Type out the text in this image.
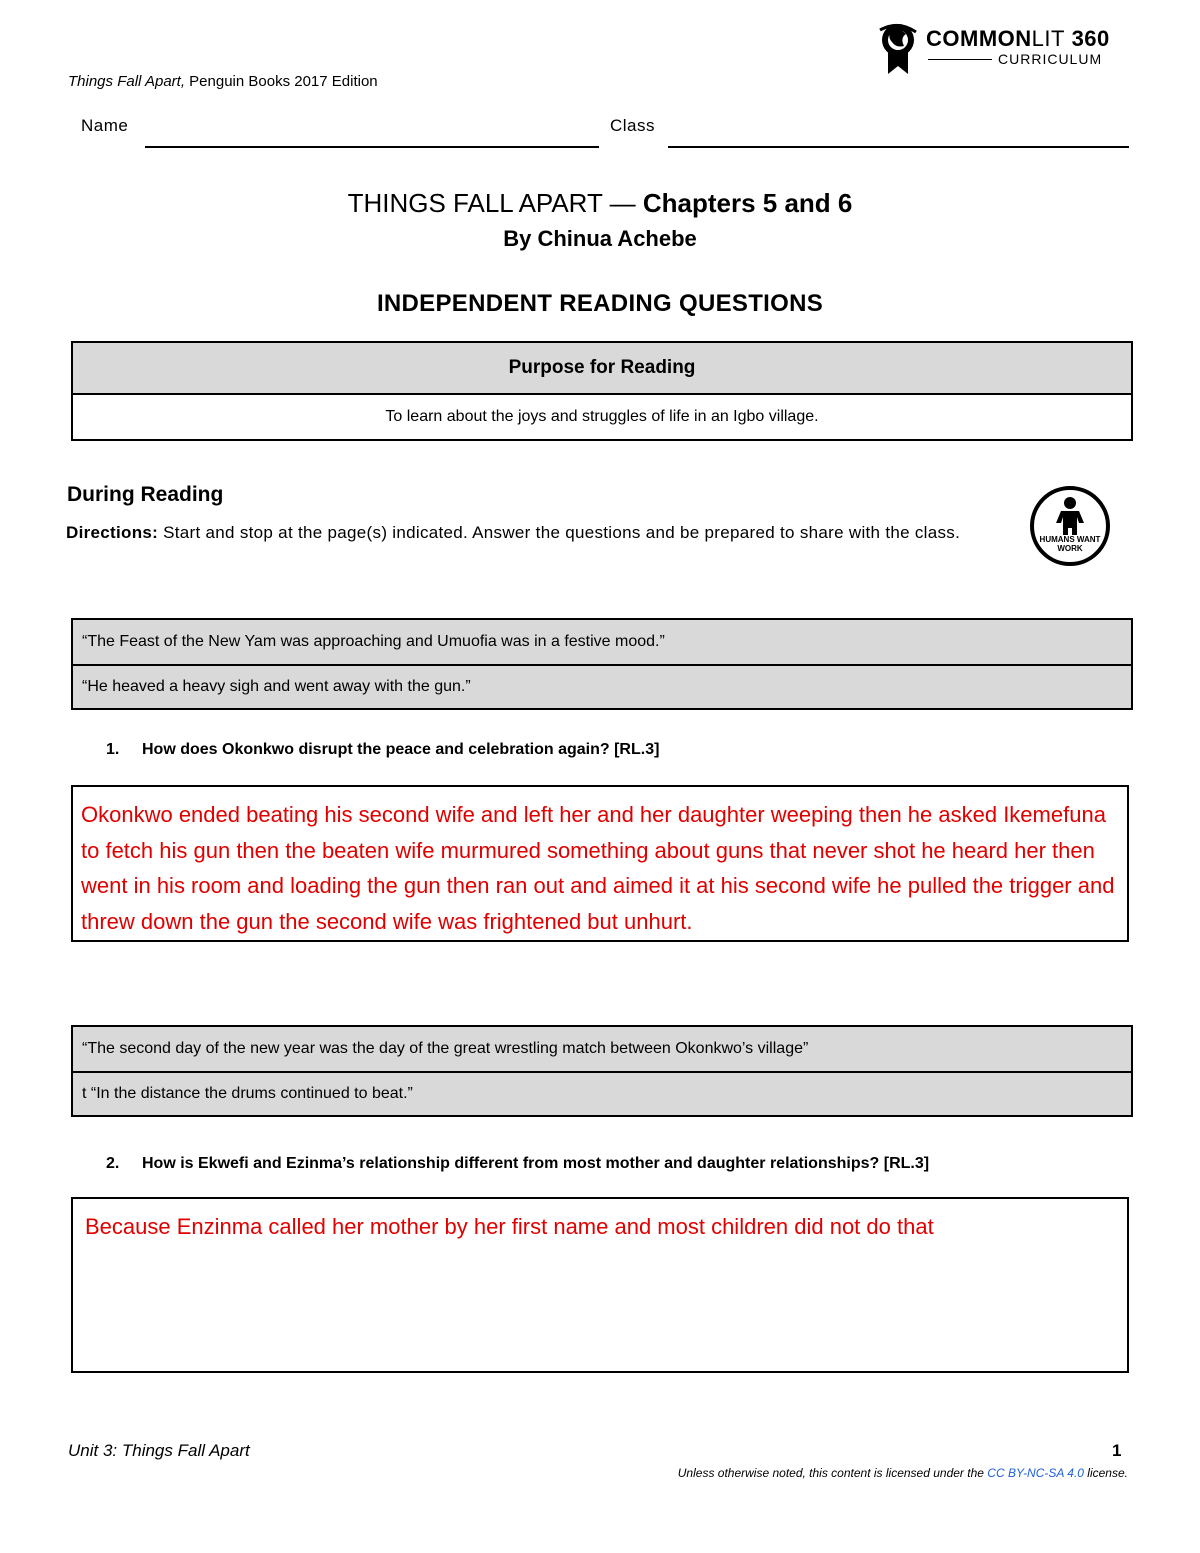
Things Fall Apart, Penguin Books 2017 Edition
COMMONLIT 360
CURRICULUM
Name	Class
THINGS FALL APART — Chapters 5 and 6
By Chinua Achebe
INDEPENDENT READING QUESTIONS
Purpose for Reading
To learn about the joys and struggles of life in an Igbo village.
During Reading
Directions: Start and stop at the page(s) indicated. Answer the questions and be prepared to share with the class.	HUMANS WANT WORK
“The Feast of the New Yam was approaching and Umuofia was in a festive mood.”
“He heaved a heavy sigh and went away with the gun.”
1. How does Okonkwo disrupt the peace and celebration again? [RL.3]
Okonkwo ended beating his second wife and left her and her daughter weeping then he asked Ikemefuna to fetch his gun then the beaten wife murmured something about guns that never shot he heard her then went in his room and loading the gun then ran out and aimed it at his second wife he pulled the trigger and threw down the gun the second wife was frightened but unhurt.
“The second day of the new year was the day of the great wrestling match between Okonkwo’s village”
t “In the distance the drums continued to beat.”
2. How is Ekwefi and Ezinma’s relationship different from most mother and daughter relationships? [RL.3]
Because Enzinma called her mother by her first name and most children did not do that
Unit 3: Things Fall Apart	1
Unless otherwise noted, this content is licensed under the CC BY-NC-SA 4.0 license.
